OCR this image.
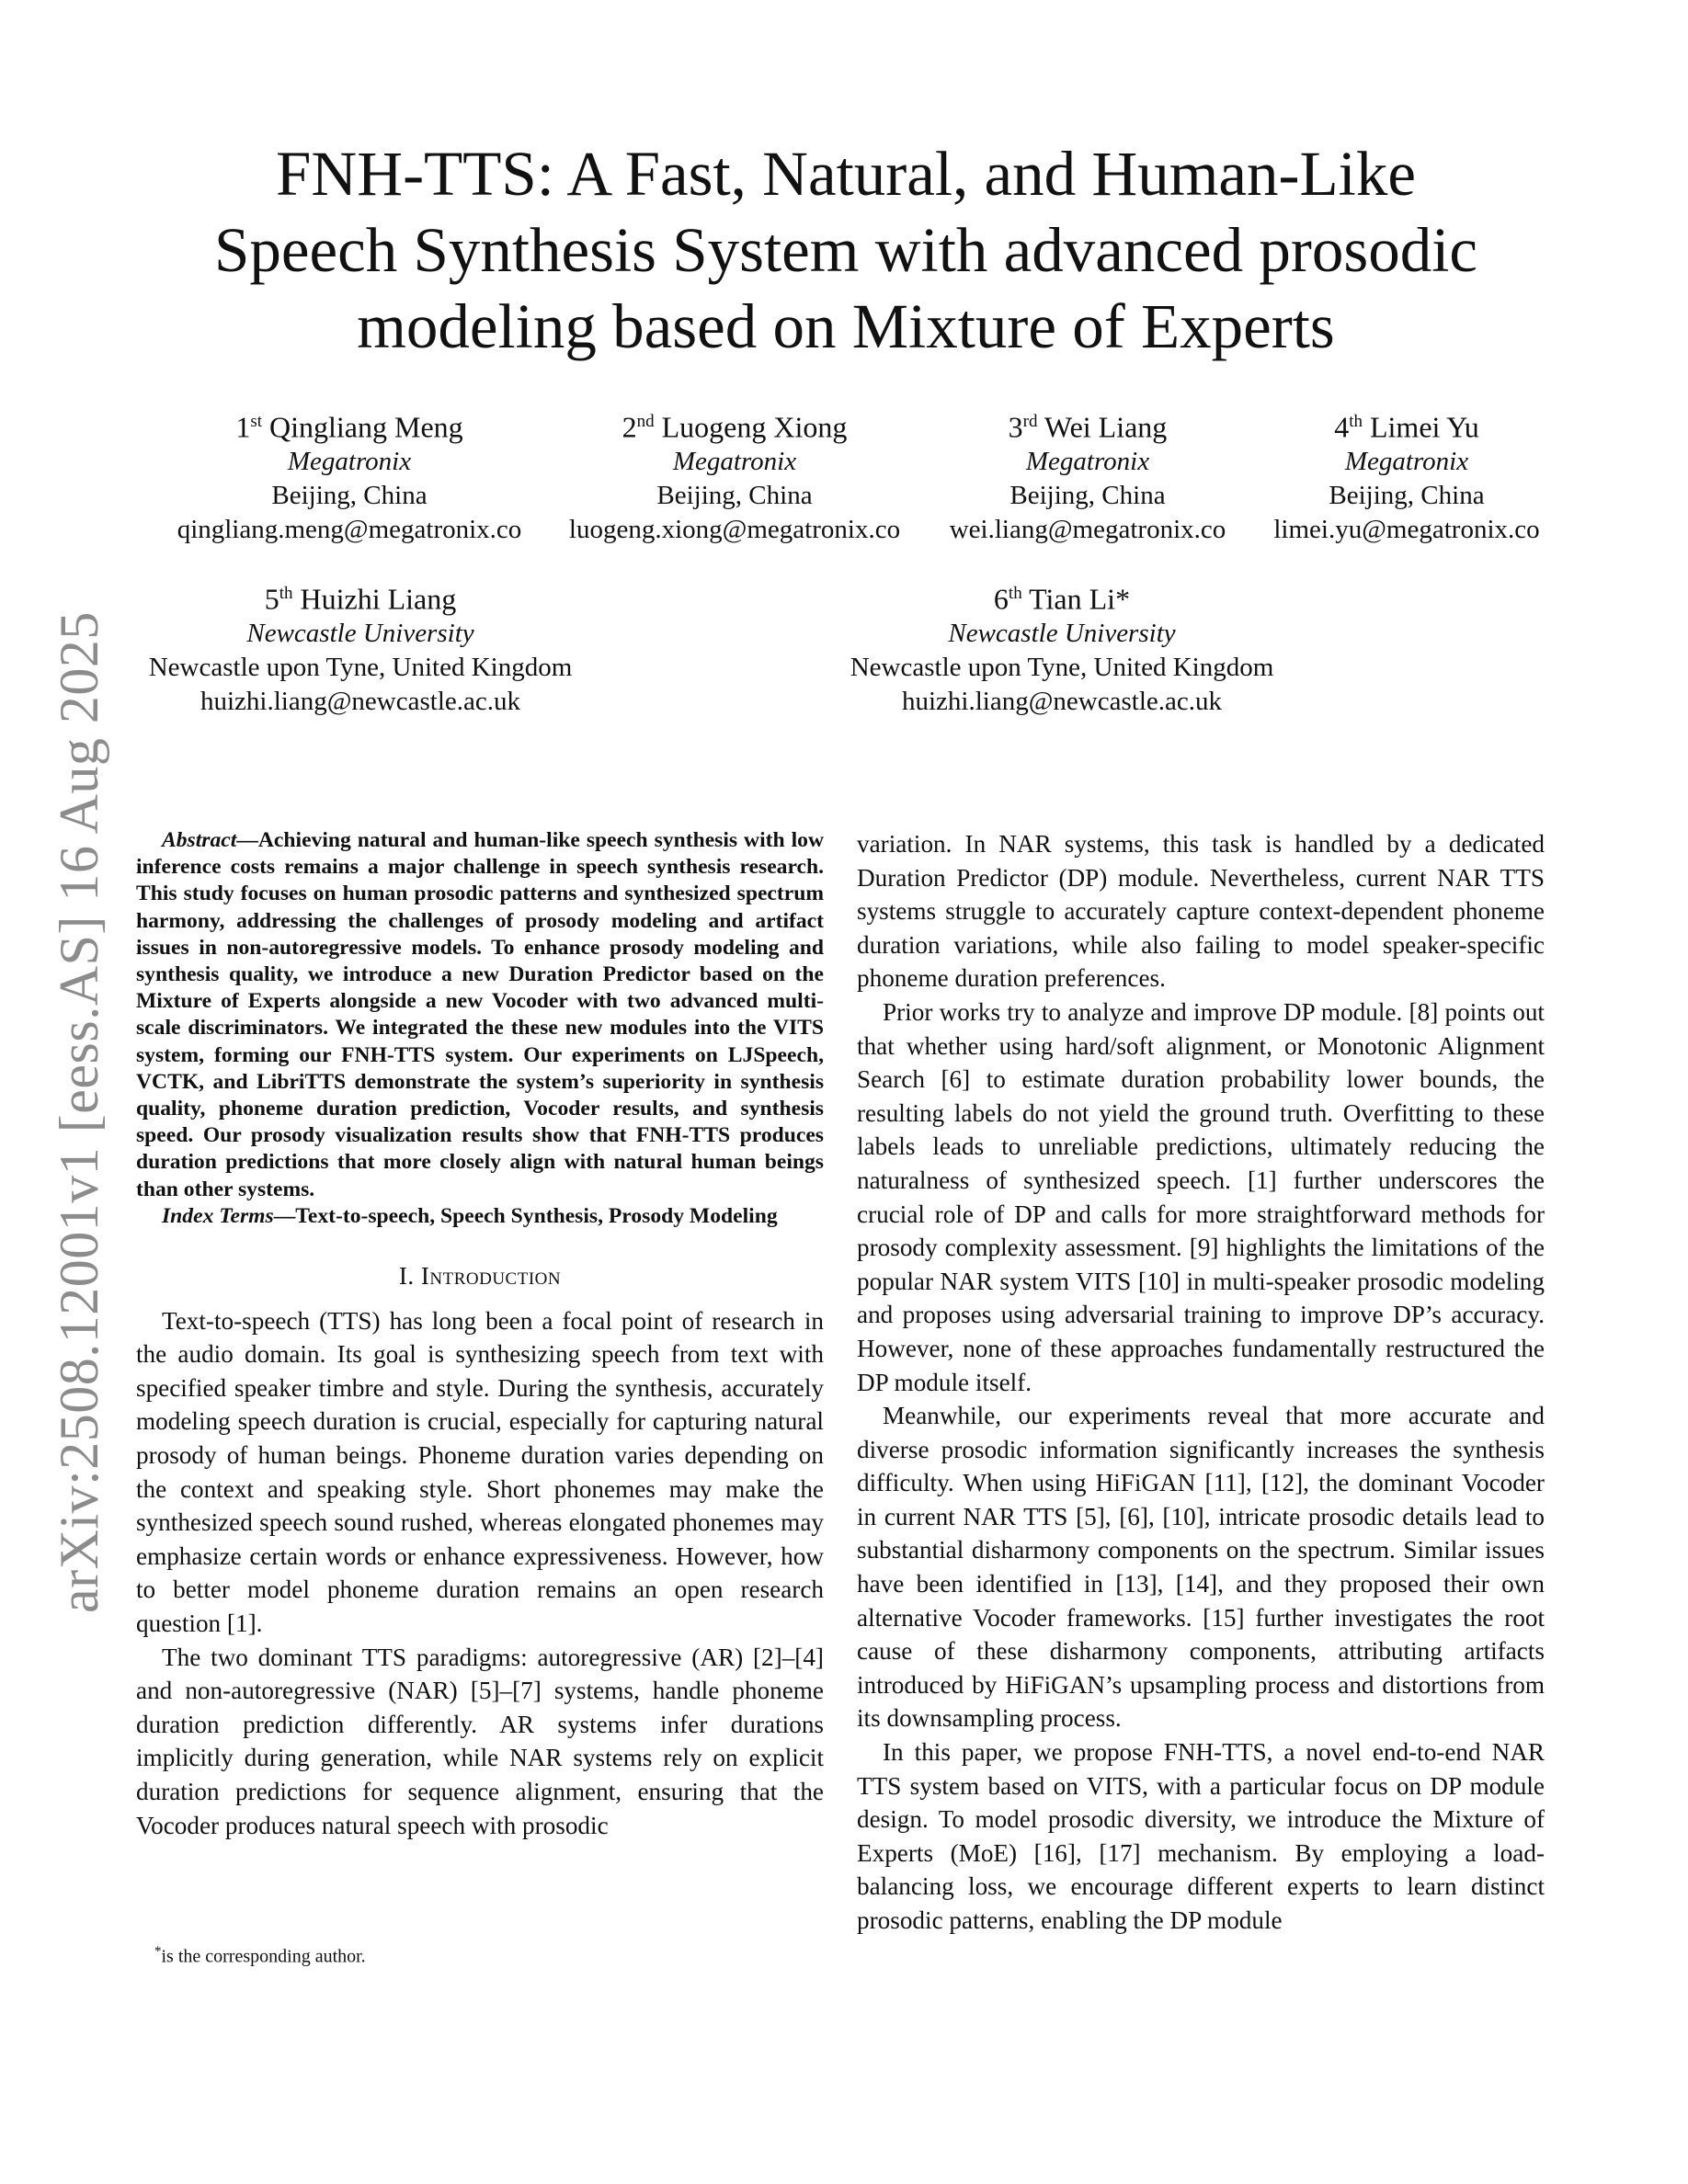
arXiv:2508.12001v1 [eess.AS] 16 Aug 2025
FNH-TTS: A Fast, Natural, and Human-Like
Speech Synthesis System with advanced prosodic
modeling based on Mixture of Experts
1st Qingliang Meng
Megatronix
Beijing, China
qingliang.meng@megatronix.co
2nd Luogeng Xiong
Megatronix
Beijing, China
luogeng.xiong@megatronix.co
3rd Wei Liang
Megatronix
Beijing, China
wei.liang@megatronix.co
4th Limei Yu
Megatronix
Beijing, China
limei.yu@megatronix.co
5th Huizhi Liang
Newcastle University
Newcastle upon Tyne, United Kingdom
huizhi.liang@newcastle.ac.uk
6th Tian Li*
Newcastle University
Newcastle upon Tyne, United Kingdom
huizhi.liang@newcastle.ac.uk

Abstract—Achieving natural and human-like speech synthesis with low inference costs remains a major challenge in speech synthesis research. This study focuses on human prosodic patterns and synthesized spectrum harmony, addressing the challenges of prosody modeling and artifact issues in non-autoregressive models. To enhance prosody modeling and synthesis quality, we introduce a new Duration Predictor based on the Mixture of Experts alongside a new Vocoder with two advanced multi-scale discriminators. We integrated the these new modules into the VITS system, forming our FNH-TTS system. Our experiments on LJSpeech, VCTK, and LibriTTS demonstrate the system’s superiority in synthesis quality, phoneme duration prediction, Vocoder results, and synthesis speed. Our prosody visualization results show that FNH-TTS produces duration predictions that more closely align with natural human beings than other systems.

Index Terms—Text-to-speech, Speech Synthesis, Prosody Modeling

I. Introduction

Text-to-speech (TTS) has long been a focal point of research in the audio domain. Its goal is synthesizing speech from text with specified speaker timbre and style. During the synthesis, accurately modeling speech duration is crucial, especially for capturing natural prosody of human beings. Phoneme duration varies depending on the context and speaking style. Short phonemes may make the synthesized speech sound rushed, whereas elongated phonemes may emphasize certain words or enhance expressiveness. However, how to better model phoneme duration remains an open research question [1].

The two dominant TTS paradigms: autoregressive (AR) [2]–[4] and non-autoregressive (NAR) [5]–[7] systems, handle phoneme duration prediction differently. AR systems infer durations implicitly during generation, while NAR systems rely on explicit duration predictions for sequence alignment, ensuring that the Vocoder produces natural speech with prosodic

variation. In NAR systems, this task is handled by a dedicated Duration Predictor (DP) module. Nevertheless, current NAR TTS systems struggle to accurately capture context-dependent phoneme duration variations, while also failing to model speaker-specific phoneme duration preferences.

Prior works try to analyze and improve DP module. [8] points out that whether using hard/soft alignment, or Monotonic Alignment Search [6] to estimate duration probability lower bounds, the resulting labels do not yield the ground truth. Overfitting to these labels leads to unreliable predictions, ultimately reducing the naturalness of synthesized speech. [1] further underscores the crucial role of DP and calls for more straightforward methods for prosody complexity assessment. [9] highlights the limitations of the popular NAR system VITS [10] in multi-speaker prosodic modeling and proposes using adversarial training to improve DP’s accuracy. However, none of these approaches fundamentally restructured the DP module itself.

Meanwhile, our experiments reveal that more accurate and diverse prosodic information significantly increases the synthesis difficulty. When using HiFiGAN [11], [12], the dominant Vocoder in current NAR TTS [5], [6], [10], intricate prosodic details lead to substantial disharmony components on the spectrum. Similar issues have been identified in [13], [14], and they proposed their own alternative Vocoder frameworks. [15] further investigates the root cause of these disharmony components, attributing artifacts introduced by HiFiGAN’s upsampling process and distortions from its downsampling process.

In this paper, we propose FNH-TTS, a novel end-to-end NAR TTS system based on VITS, with a particular focus on DP module design. To model prosodic diversity, we introduce the Mixture of Experts (MoE) [16], [17] mechanism. By employing a load-balancing loss, we encourage different experts to learn distinct prosodic patterns, enabling the DP module

*is the corresponding author.
